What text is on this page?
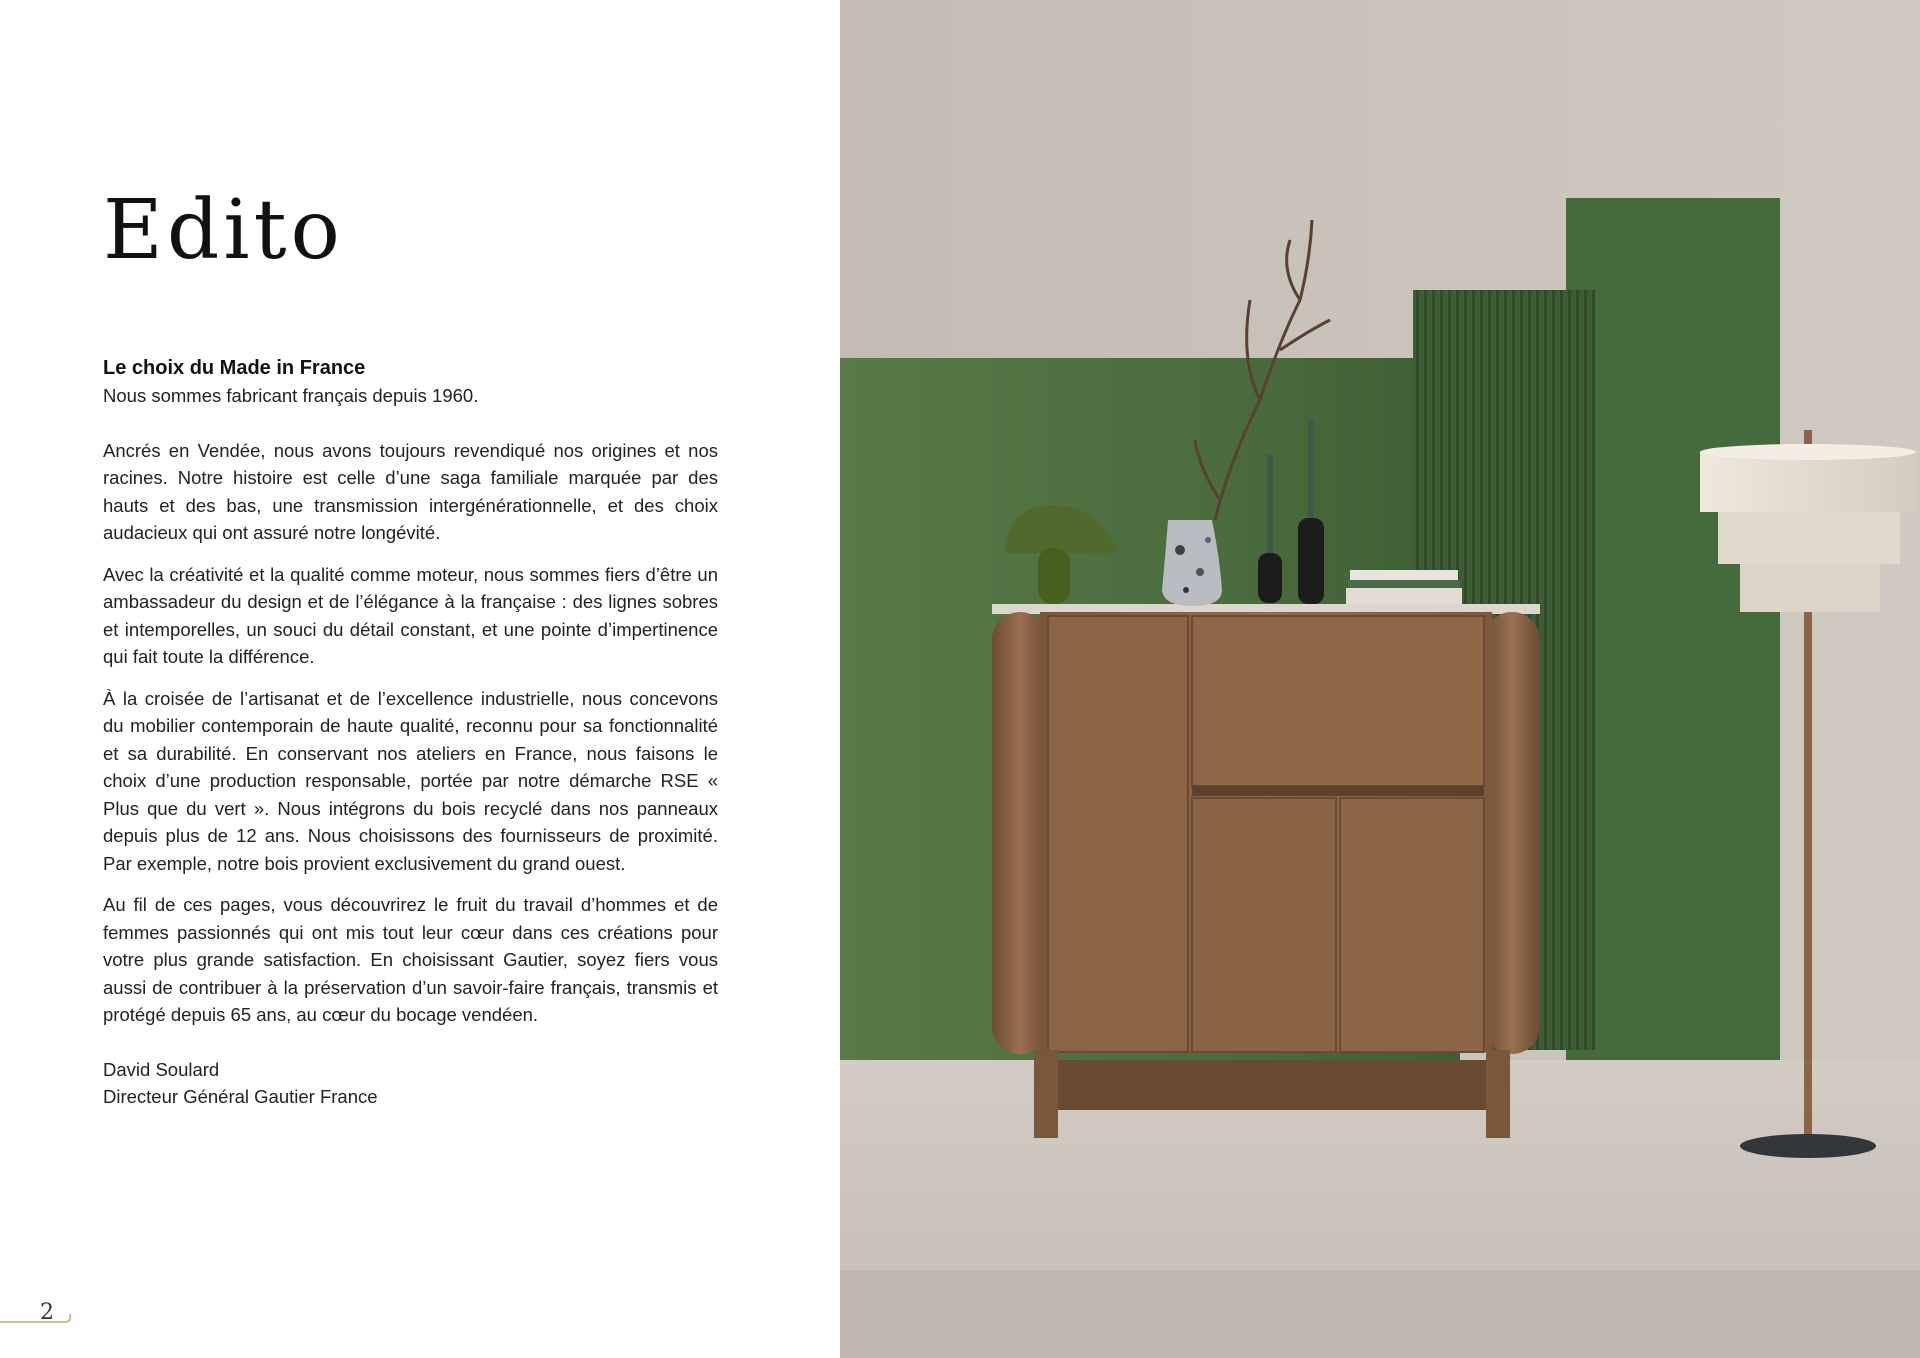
Edito

Le choix du Made in France

Nous sommes fabricant français depuis 1960.

Ancrés en Vendée, nous avons toujours revendiqué nos origines et nos racines. Notre histoire est celle d’une saga familiale marquée par des hauts et des bas, une transmission intergénérationnelle, et des choix audacieux qui ont assuré notre longévité.

Avec la créativité et la qualité comme moteur, nous sommes fiers d’être un ambassadeur du design et de l’élégance à la française : des lignes sobres et intemporelles, un souci du détail constant, et une pointe d’impertinence qui fait toute la différence.

À la croisée de l’artisanat et de l’excellence industrielle, nous concevons du mobilier contemporain de haute qualité, reconnu pour sa fonctionnalité et sa durabilité. En conservant nos ateliers en France, nous faisons le choix d’une production responsable, portée par notre démarche RSE « Plus que du vert ». Nous intégrons du bois recyclé dans nos panneaux depuis plus de 12 ans. Nous choisissons des fournisseurs de proximité. Par exemple, notre bois provient exclusivement du grand ouest.

Au fil de ces pages, vous découvrirez le fruit du travail d’hommes et de femmes passionnés qui ont mis tout leur cœur dans ces créations pour votre plus grande satisfaction. En choisissant Gautier, soyez fiers vous aussi de contribuer à la préservation d’un savoir-faire français, transmis et protégé depuis 65 ans, au cœur du bocage vendéen.

David Soulard
Directeur Général Gautier France
2
